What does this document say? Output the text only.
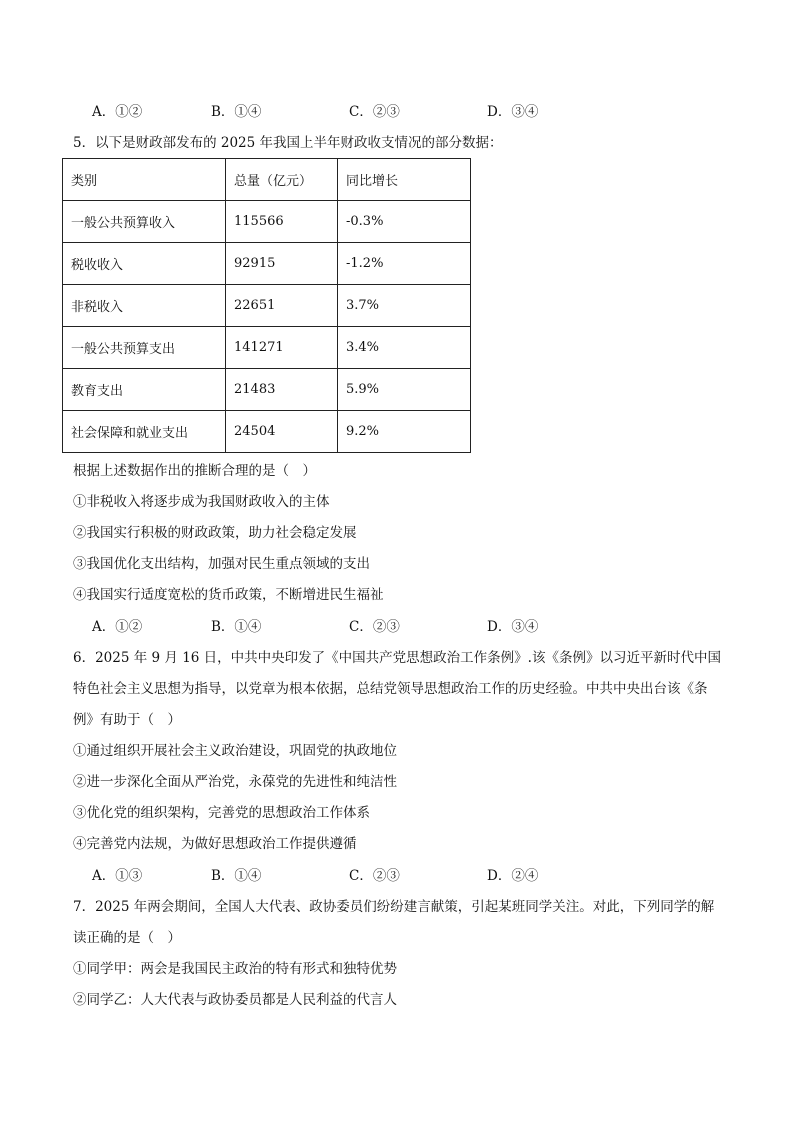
A．①②	B．①④	C．②③	D．③④
5．以下是财政部发布的 2025 年我国上半年财政收支情况的部分数据：
类别	总量（亿元）	同比增长
一般公共预算收入	115566	-0.3%
税收收入	92915	-1.2%
非税收入	22651	3.7%
一般公共预算支出	141271	3.4%
教育支出	21483	5.9%
社会保障和就业支出	24504	9.2%
根据上述数据作出的推断合理的是（　）
①非税收入将逐步成为我国财政收入的主体
②我国实行积极的财政政策，助力社会稳定发展
③我国优化支出结构，加强对民生重点领域的支出
④我国实行适度宽松的货币政策，不断增进民生福祉
A．①②	B．①④	C．②③	D．③④
6．2025 年 9 月 16 日，中共中央印发了《中国共产党思想政治工作条例》.该《条例》以习近平新时代中国
特色社会主义思想为指导，以党章为根本依据，总结党领导思想政治工作的历史经验。中共中央出台该《条
例》有助于（　）
①通过组织开展社会主义政治建设，巩固党的执政地位
②进一步深化全面从严治党，永葆党的先进性和纯洁性
③优化党的组织架构，完善党的思想政治工作体系
④完善党内法规，为做好思想政治工作提供遵循
A．①③	B．①④	C．②③	D．②④
7．2025 年两会期间，全国人大代表、政协委员们纷纷建言献策，引起某班同学关注。对此，下列同学的解
读正确的是（　）
①同学甲：两会是我国民主政治的特有形式和独特优势
②同学乙：人大代表与政协委员都是人民利益的代言人
